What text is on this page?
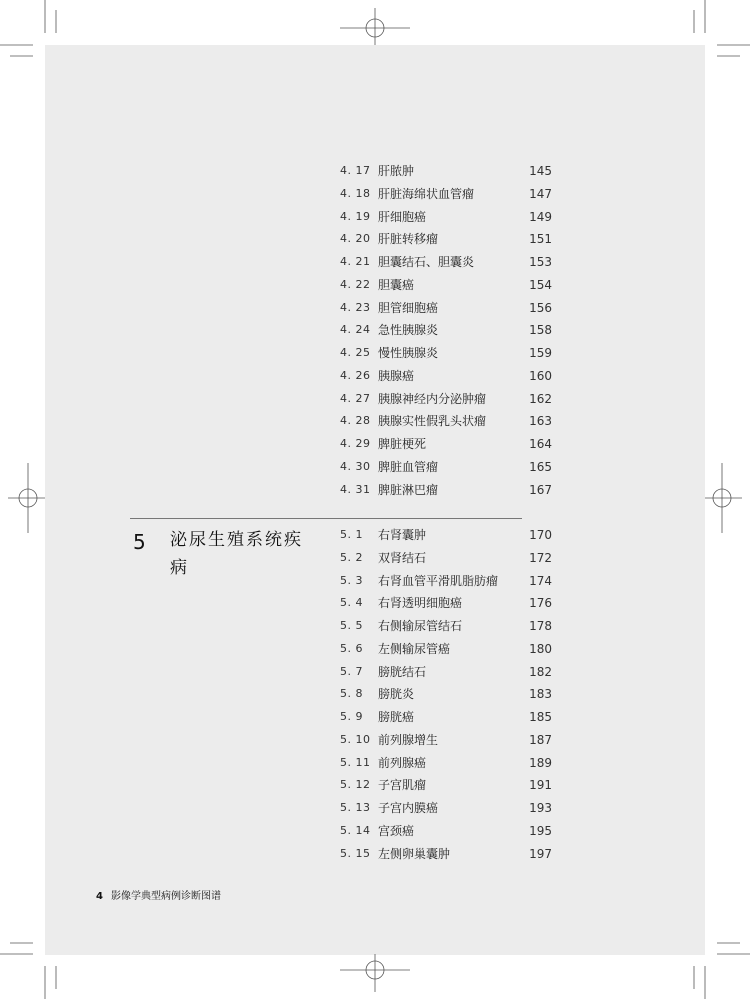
4. 17 肝脓肿	145
4. 18 肝脏海绵状血管瘤	147
4. 19 肝细胞癌	149
4. 20 肝脏转移瘤	151
4. 21 胆囊结石、胆囊炎	153
4. 22 胆囊癌	154
4. 23 胆管细胞癌	156
4. 24 急性胰腺炎	158
4. 25 慢性胰腺炎	159
4. 26 胰腺癌	160
4. 27 胰腺神经内分泌肿瘤	162
4. 28 胰腺实性假乳头状瘤	163
4. 29 脾脏梗死	164
4. 30 脾脏血管瘤	165
4. 31 脾脏淋巴瘤	167
5 泌尿生殖系统疾病
5. 1 右肾囊肿	170
5. 2 双肾结石	172
5. 3 右肾血管平滑肌脂肪瘤	174
5. 4 右肾透明细胞癌	176
5. 5 右侧输尿管结石	178
5. 6 左侧输尿管癌	180
5. 7 膀胱结石	182
5. 8 膀胱炎	183
5. 9 膀胱癌	185
5. 10 前列腺增生	187
5. 11 前列腺癌	189
5. 12 子宫肌瘤	191
5. 13 子宫内膜癌	193
5. 14 宫颈癌	195
5. 15 左侧卵巢囊肿	197
4 影像学典型病例诊断图谱
